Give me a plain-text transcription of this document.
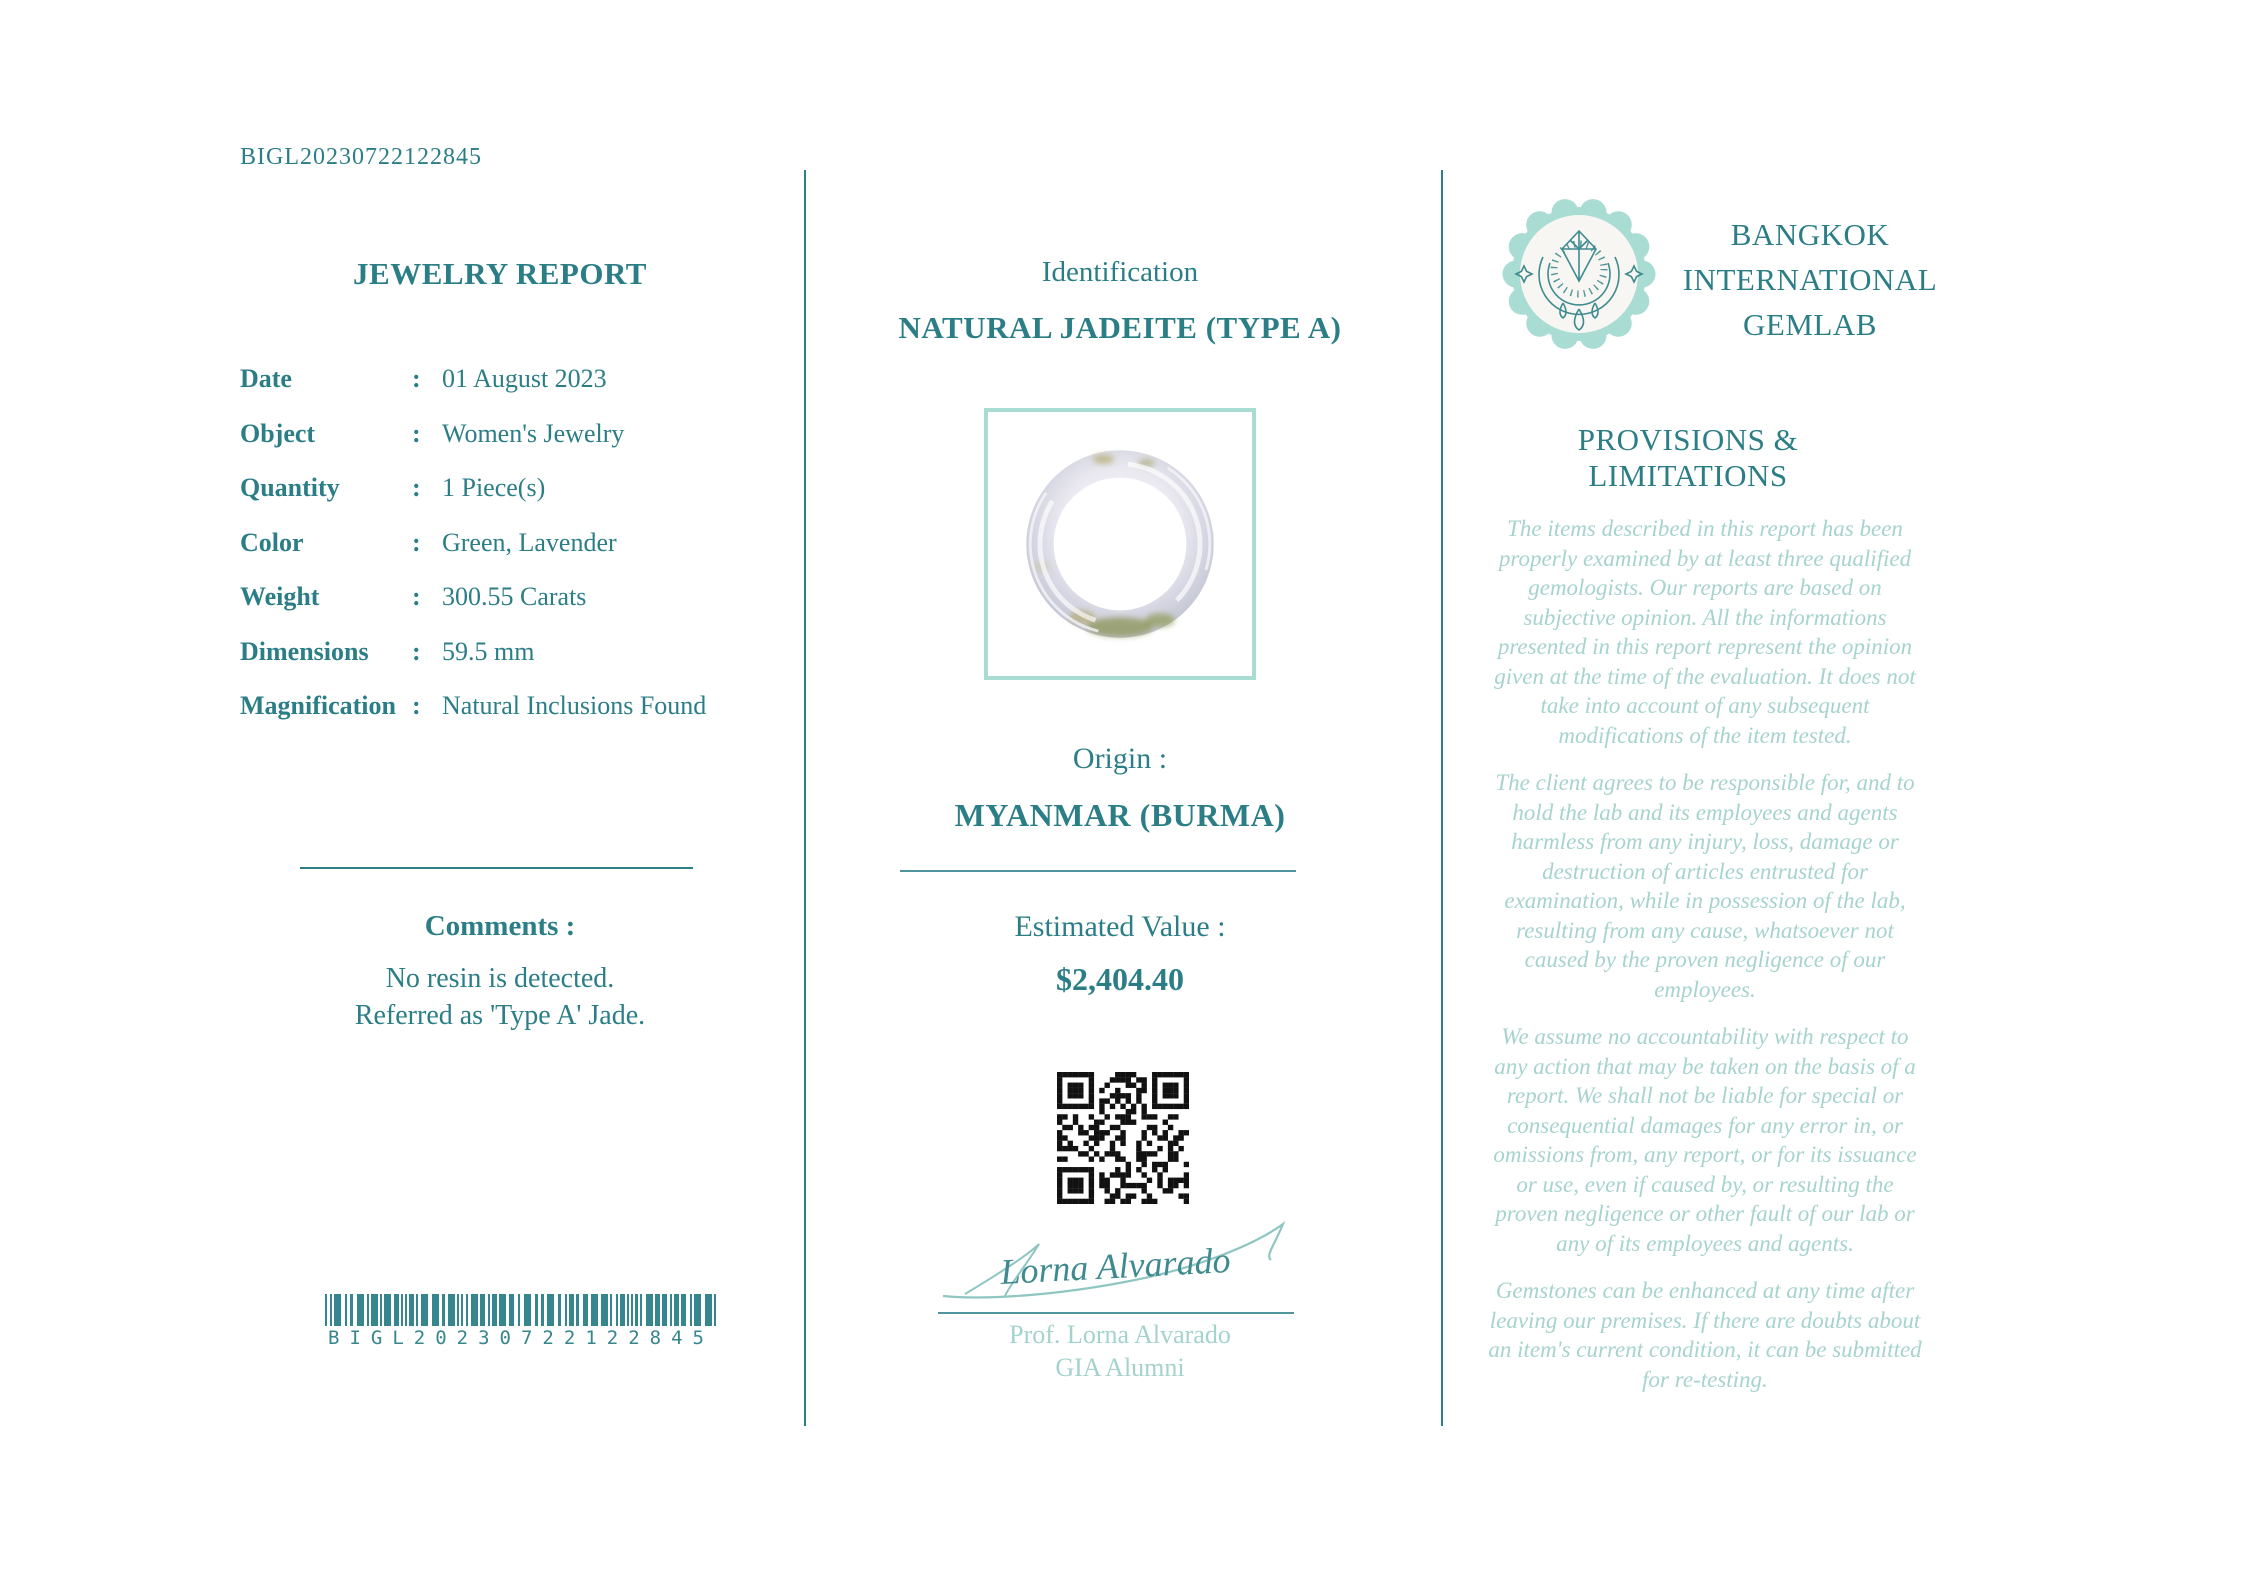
BIGL20230722122845
JEWELRY REPORT
Date	: 01 August 2023
Object	: Women's Jewelry
Quantity	: 1 Piece(s)
Color	: Green, Lavender
Weight	: 300.55 Carats
Dimensions	: 59.5 mm
Magnification : Natural Inclusions Found
Comments :
No resin is detected.
Referred as 'Type A' Jade.
BIGL20230722122845
Identification
NATURAL JADEITE (TYPE A)
Origin :
MYANMAR (BURMA)
Estimated Value :
$2,404.40
Lorna Alvarado
Prof. Lorna Alvarado
GIA Alumni
BANGKOK
INTERNATIONAL
GEMLAB
PROVISIONS & LIMITATIONS

The items described in this report has been properly examined by at least three qualified gemologists. Our reports are based on subjective opinion. All the informations presented in this report represent the opinion given at the time of the evaluation. It does not take into account of any subsequent modifications of the item tested.

The client agrees to be responsible for, and to hold the lab and its employees and agents harmless from any injury, loss, damage or destruction of articles entrusted for examination, while in possession of the lab, resulting from any cause, whatsoever not caused by the proven negligence of our employees.

We assume no accountability with respect to any action that may be taken on the basis of a report. We shall not be liable for special or consequential damages for any error in, or omissions from, any report, or for its issuance or use, even if caused by, or resulting the proven negligence or other fault of our lab or any of its employees and agents.

Gemstones can be enhanced at any time after leaving our premises. If there are doubts about an item's current condition, it can be submitted for re-testing.
